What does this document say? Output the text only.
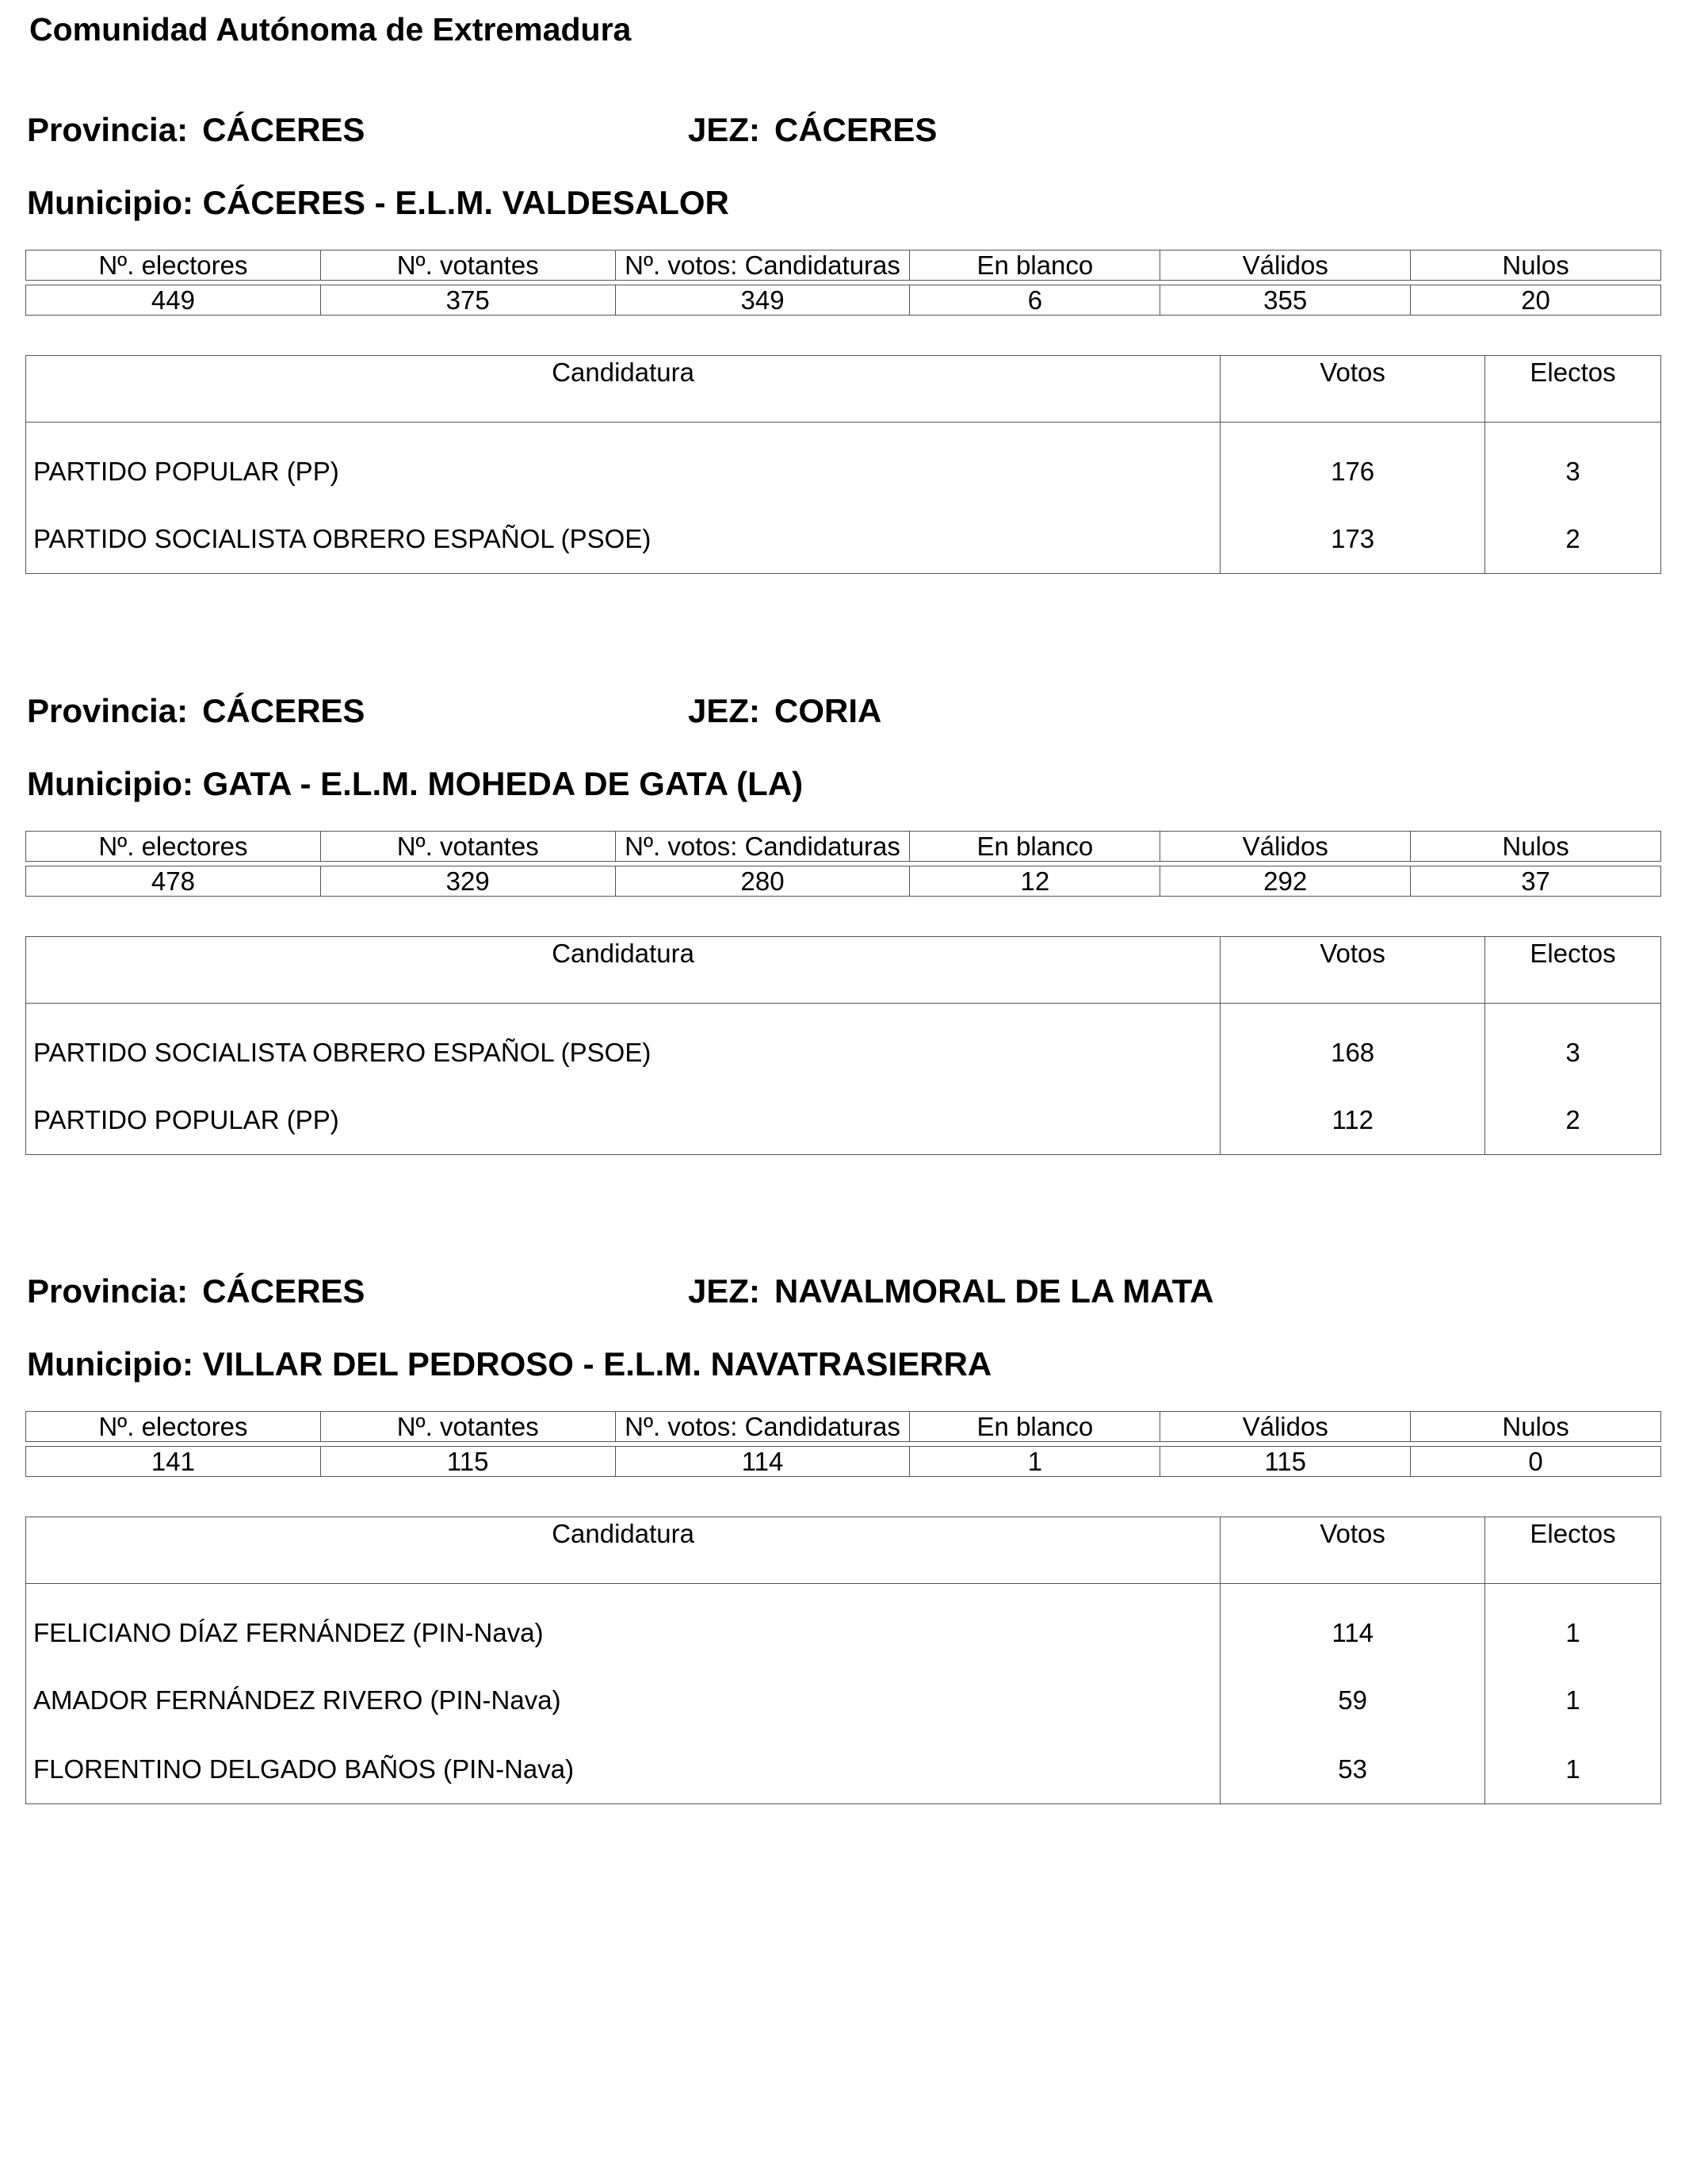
Comunidad Autónoma de Extremadura
Provincia: CÁCERES	JEZ: CÁCERES
Municipio: CÁCERES - E.L.M. VALDESALOR
Nº. electores	Nº. votantes	Nº. votos: Candidaturas	En blanco	Válidos	Nulos

449	375	349	6	355	20
Candidatura	Votos	Electos
PARTIDO POPULAR (PP)	176	3
PARTIDO SOCIALISTA OBRERO ESPAÑOL (PSOE)	173	2
Provincia: CÁCERES	JEZ: CORIA
Municipio: GATA - E.L.M. MOHEDA DE GATA (LA)
Nº. electores	Nº. votantes	Nº. votos: Candidaturas	En blanco	Válidos	Nulos

478	329	280	12	292	37
Candidatura	Votos	Electos
PARTIDO SOCIALISTA OBRERO ESPAÑOL (PSOE)	168	3
PARTIDO POPULAR (PP)	112	2
Provincia: CÁCERES	JEZ: NAVALMORAL DE LA MATA
Municipio: VILLAR DEL PEDROSO - E.L.M. NAVATRASIERRA
Nº. electores	Nº. votantes	Nº. votos: Candidaturas	En blanco	Válidos	Nulos

141	115	114	1	115	0
Candidatura	Votos	Electos
FELICIANO DÍAZ FERNÁNDEZ (PIN-Nava)	114	1
AMADOR FERNÁNDEZ RIVERO (PIN-Nava)	59	1
FLORENTINO DELGADO BAÑOS (PIN-Nava)	53	1
